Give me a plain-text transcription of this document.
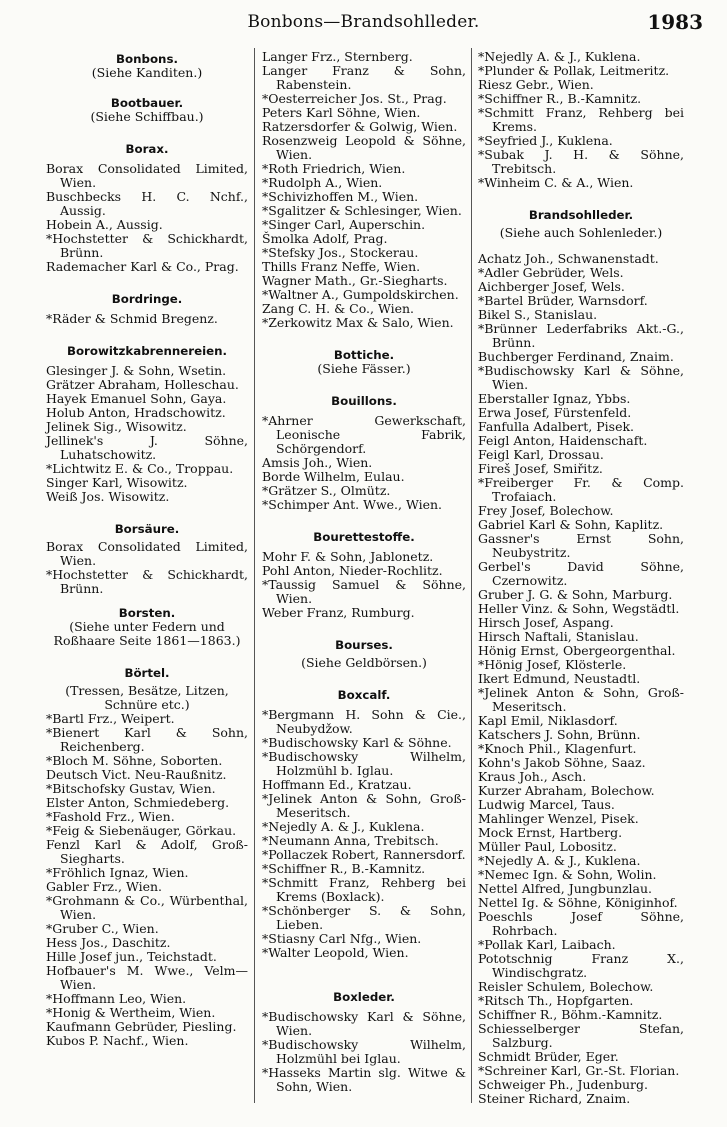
Bonbons—Brandsohlleder.	1983
Bonbons.
(Siehe Kanditen.)
Bootbauer.
(Siehe Schiffbau.)
Borax.
Borax Consolidated Limited, Wien.
Buschbecks H. C. Nchf., Aussig.
Hobein A., Aussig.
*Hochstetter & Schickhardt, Brünn.
Rademacher Karl & Co., Prag.
Bordringe.
*Räder & Schmid Bregenz.
Borowitzkabrennereien.
Glesinger J. & Sohn, Wsetin.
Grätzer Abraham, Holleschau.
Hayek Emanuel Sohn, Gaya.
Holub Anton, Hradschowitz.
Jelinek Sig., Wisowitz.
Jellinek's J. Söhne, Luhatschowitz.
*Lichtwitz E. & Co., Troppau.
Singer Karl, Wisowitz.
Weiß Jos. Wisowitz.
Borsäure.
Borax Consolidated Limited, Wien.
*Hochstetter & Schickhardt, Brünn.
Borsten.
(Siehe unter Federn und Roßhaare Seite 1861—1863.)
Börtel.
(Tressen, Besätze, Litzen, Schnüre etc.)
*Bartl Frz., Weipert.
*Bienert Karl & Sohn, Reichenberg.
*Bloch M. Söhne, Soborten.
Deutsch Vict. Neu-Raußnitz.
*Bitschofsky Gustav, Wien.
Elster Anton, Schmiedeberg.
*Fashold Frz., Wien.
*Feig & Siebenäuger, Görkau.
Fenzl Karl & Adolf, Groß-Siegharts.
*Fröhlich Ignaz, Wien.
Gabler Frz., Wien.
*Grohmann & Co., Würbenthal, Wien.
*Gruber C., Wien.
Hess Jos., Daschitz.
Hille Josef jun., Teichstadt.
Hofbauer's M. Wwe., Velm—Wien.
*Hoffmann Leo, Wien.
*Honig & Wertheim, Wien.
Kaufmann Gebrüder, Piesling.
Kubos P. Nachf., Wien.
Langer Frz., Sternberg.
Langer Franz & Sohn, Rabenstein.
*Oesterreicher Jos. St., Prag.
Peters Karl Söhne, Wien.
Ratzersdorfer & Golwig, Wien.
Rosenzweig Leopold & Söhne, Wien.
*Roth Friedrich, Wien.
*Rudolph A., Wien.
*Schivizhoffen M., Wien.
*Sgalitzer & Schlesinger, Wien.
*Singer Carl, Auperschin.
Šmolka Adolf, Prag.
*Stefsky Jos., Stockerau.
Thills Franz Neffe, Wien.
Wagner Math., Gr.-Siegharts.
*Waltner A., Gumpoldskirchen.
Zang C. H. & Co., Wien.
*Zerkowitz Max & Salo, Wien.
Bottiche.
(Siehe Fässer.)
Bouillons.
*Ahrner Gewerkschaft, Leonische Fabrik, Schörgendorf.
Amsis Joh., Wien.
Borde Wilhelm, Eulau.
*Grätzer S., Olmütz.
*Schimper Ant. Wwe., Wien.
Bourettestoffe.
Mohr F. & Sohn, Jablonetz.
Pohl Anton, Nieder-Rochlitz.
*Taussig Samuel & Söhne, Wien.
Weber Franz, Rumburg.
Bourses.
(Siehe Geldbörsen.)
Boxcalf.
*Bergmann H. Sohn & Cie., Neubydžow.
*Budischowsky Karl & Söhne.
*Budischowsky Wilhelm, Holzmühl b. Iglau.
Hoffmann Ed., Kratzau.
*Jelinek Anton & Sohn, Groß-Meseritsch.
*Nejedly A. & J., Kuklena.
*Neumann Anna, Trebitsch.
*Pollaczek Robert, Rannersdorf.
*Schiffner R., B.-Kamnitz.
*Schmitt Franz, Rehberg bei Krems (Boxlack).
*Schönberger S. & Sohn, Lieben.
*Stiasny Carl Nfg., Wien.
*Walter Leopold, Wien.
Boxleder.
*Budischowsky Karl & Söhne, Wien.
*Budischowsky Wilhelm, Holzmühl bei Iglau.
*Hasseks Martin slg. Witwe & Sohn, Wien.
*Nejedly A. & J., Kuklena.
*Plunder & Pollak, Leitmeritz.
Riesz Gebr., Wien.
*Schiffner R., B.-Kamnitz.
*Schmitt Franz, Rehberg bei Krems.
*Seyfried J., Kuklena.
*Subak J. H. & Söhne, Trebitsch.
*Winheim C. & A., Wien.
Brandsohlleder.
(Siehe auch Sohlenleder.)
Achatz Joh., Schwanenstadt.
*Adler Gebrüder, Wels.
Aichberger Josef, Wels.
*Bartel Brüder, Warnsdorf.
Bikel S., Stanislau.
*Brünner Lederfabriks Akt.-G., Brünn.
Buchberger Ferdinand, Znaim.
*Budischowsky Karl & Söhne, Wien.
Eberstaller Ignaz, Ybbs.
Erwa Josef, Fürstenfeld.
Fanfulla Adalbert, Pisek.
Feigl Anton, Haidenschaft.
Feigl Karl, Drossau.
Fireš Josef, Smiřitz.
*Freiberger Fr. & Comp. Trofaiach.
Frey Josef, Bolechow.
Gabriel Karl & Sohn, Kaplitz.
Gassner's Ernst Sohn, Neubystritz.
Gerbel's David Söhne, Czernowitz.
Gruber J. G. & Sohn, Marburg.
Heller Vinz. & Sohn, Wegstädtl.
Hirsch Josef, Aspang.
Hirsch Naftali, Stanislau.
Hönig Ernst, Obergeorgenthal.
*Hönig Josef, Klösterle.
Ikert Edmund, Neustadtl.
*Jelinek Anton & Sohn, Groß-Meseritsch.
Kapl Emil, Niklasdorf.
Katschers J. Sohn, Brünn.
*Knoch Phil., Klagenfurt.
Kohn's Jakob Söhne, Saaz.
Kraus Joh., Asch.
Kurzer Abraham, Bolechow.
Ludwig Marcel, Taus.
Mahlinger Wenzel, Pisek.
Mock Ernst, Hartberg.
Müller Paul, Lobositz.
*Nejedly A. & J., Kuklena.
*Nemec Ign. & Sohn, Wolin.
Nettel Alfred, Jungbunzlau.
Nettel Ig. & Söhne, Königinhof.
Poeschls Josef Söhne, Rohrbach.
*Pollak Karl, Laibach.
Pototschnig Franz X., Windischgratz.
Reisler Schulem, Bolechow.
*Ritsch Th., Hopfgarten.
Schiffner R., Böhm.-Kamnitz.
Schiesselberger Stefan, Salzburg.
Schmidt Brüder, Eger.
*Schreiner Karl, Gr.-St. Florian.
Schweiger Ph., Judenburg.
Steiner Richard, Znaim.
